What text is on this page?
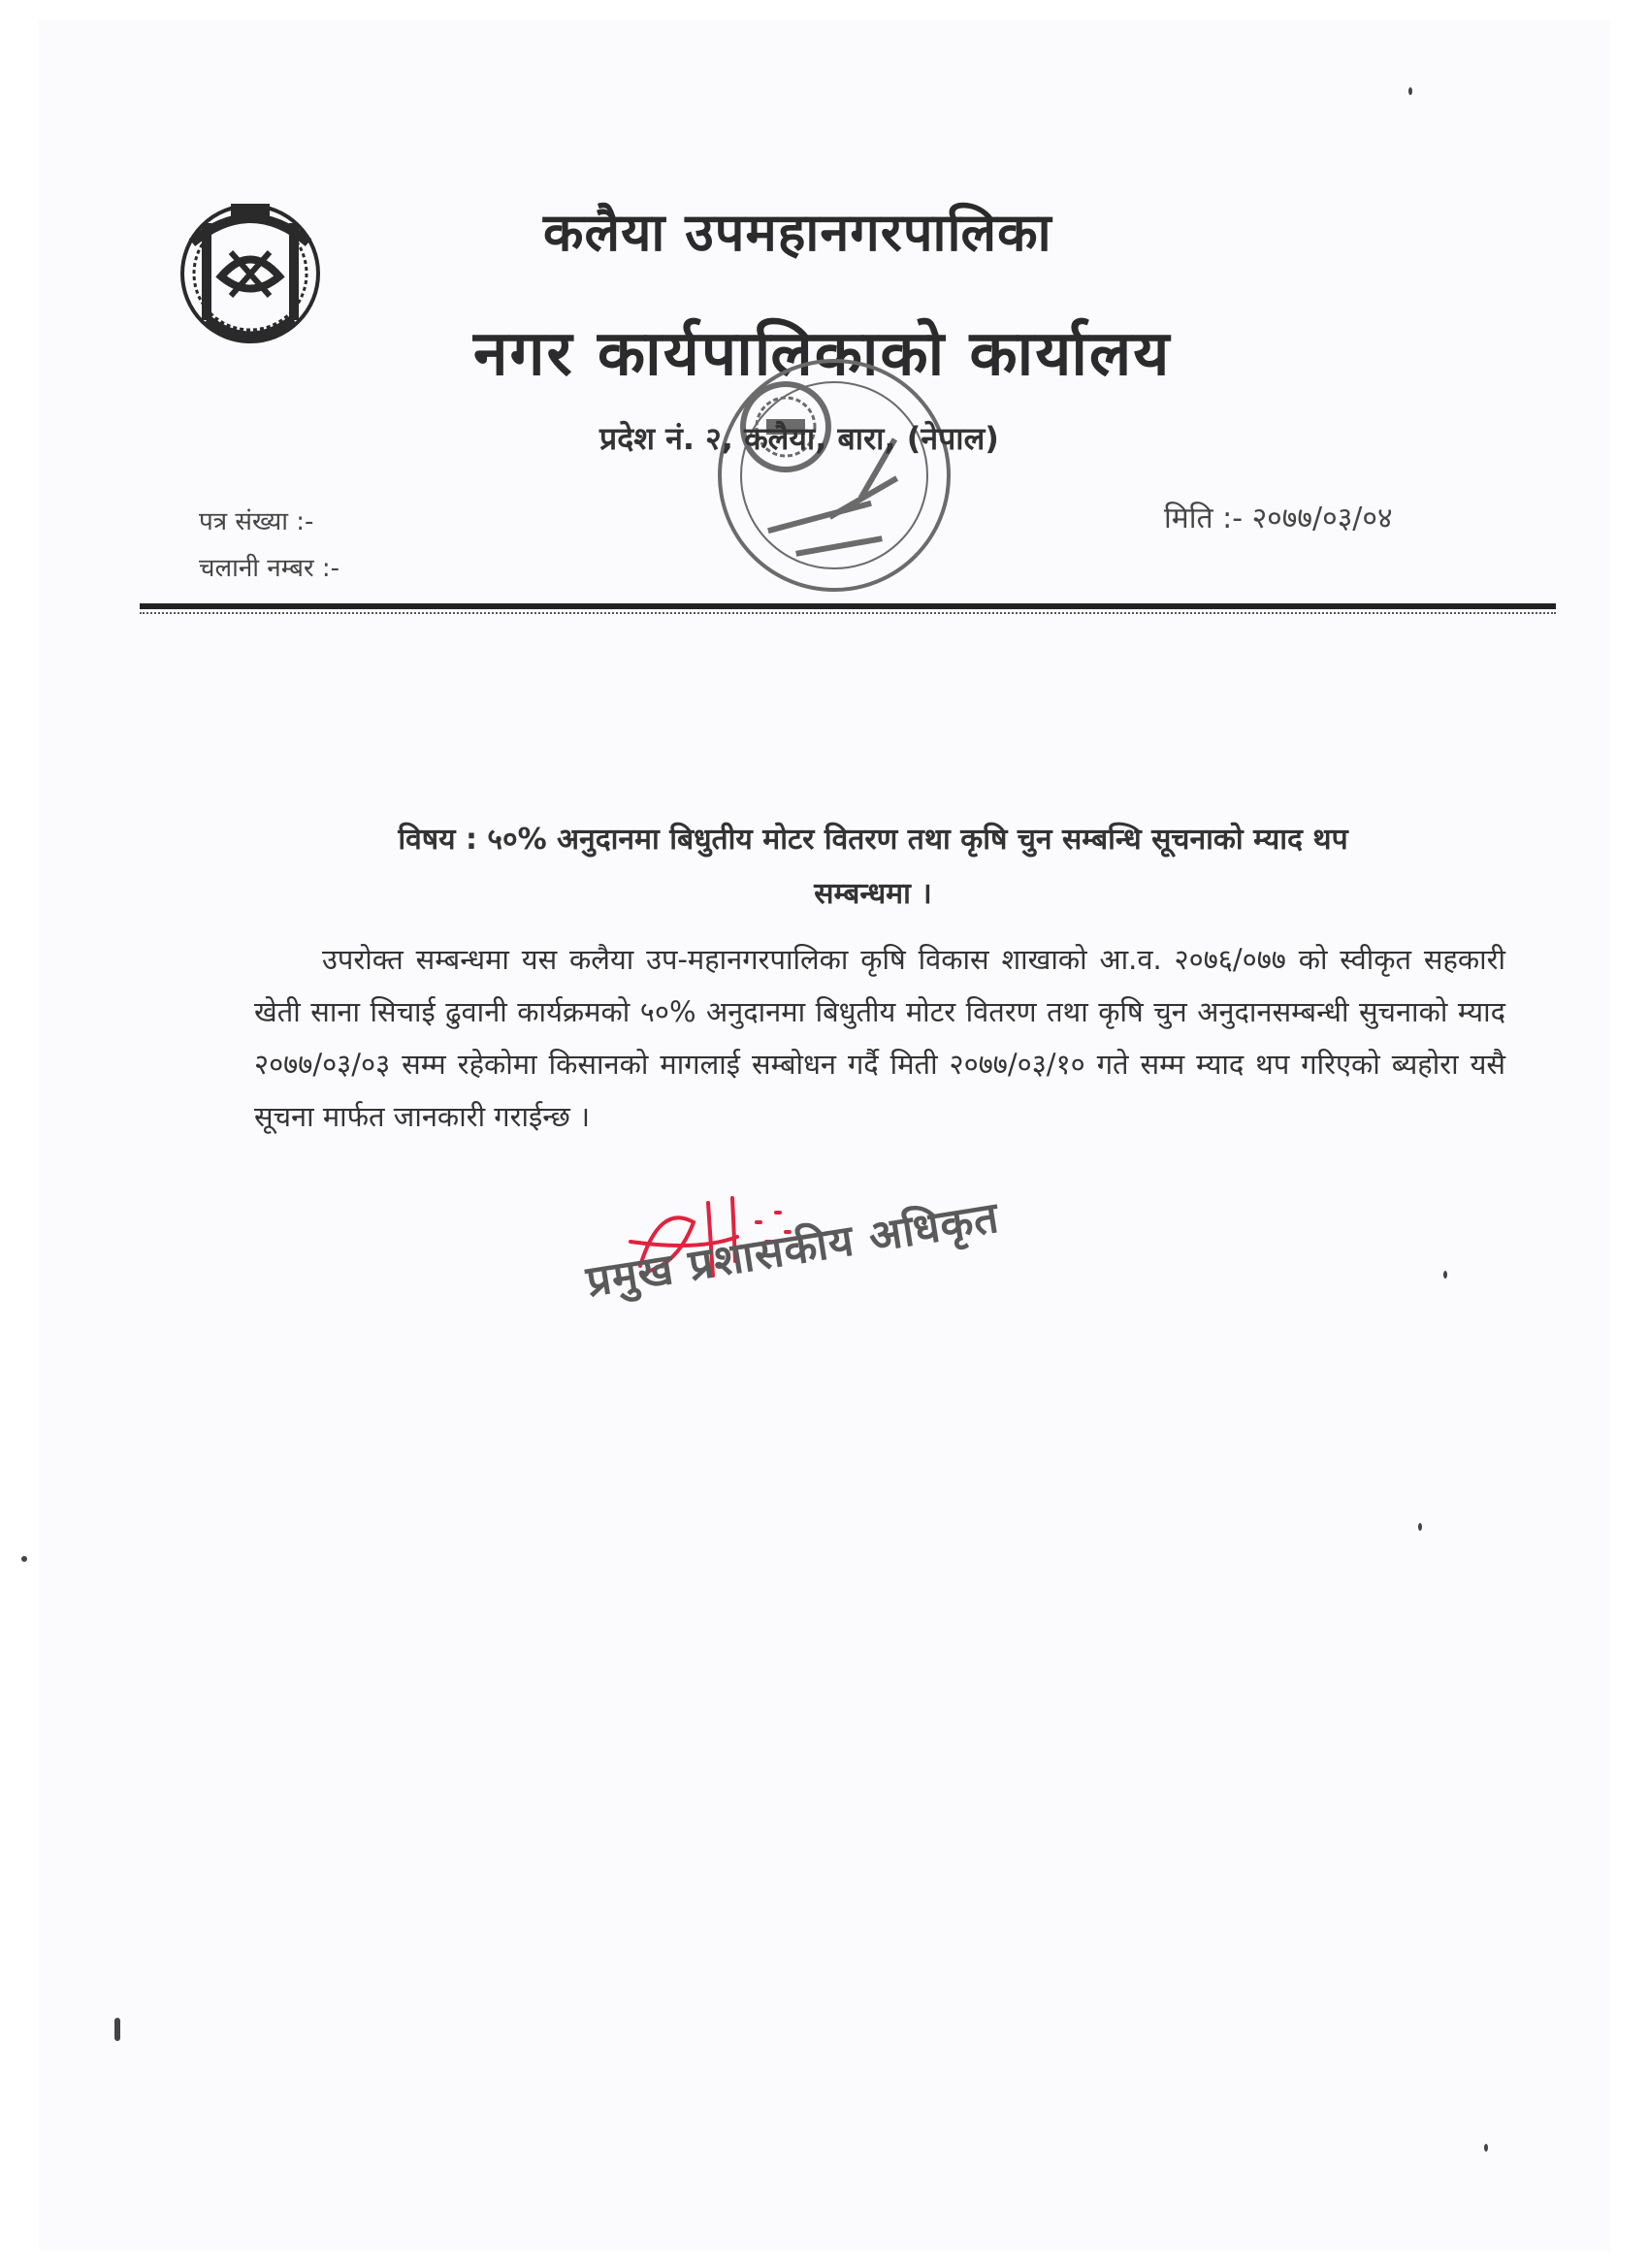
कलैया उपमहानगरपालिका
नगर कार्यपालिकाको कार्यालय
प्रदेश नं. २, कलैया, बारा, (नेपाल)
पत्र संख्या :-
चलानी नम्बर :-
मिति :- २०७७/०३/०४
विषय : ५०% अनुदानमा बिधुतीय मोटर वितरण तथा कृषि चुन सम्बन्धि सूचनाको म्याद थप
सम्बन्धमा ।
उपरोक्त सम्बन्धमा यस कलैया उप-महानगरपालिका कृषि विकास शाखाको आ.व. २०७६/०७७ को स्वीकृत सहकारी खेती साना सिचाई ढुवानी कार्यक्रमको ५०% अनुदानमा बिधुतीय मोटर वितरण तथा कृषि चुन अनुदानसम्बन्धी सुचनाको म्याद २०७७/०३/०३ सम्म रहेकोमा किसानको मागलाई सम्बोधन गर्दै मिती २०७७/०३/१० गते सम्म म्याद थप गरिएको ब्यहोरा यसै सूचना मार्फत जानकारी गराईन्छ ।
प्रमुख प्रशासकीय अधिकृत
